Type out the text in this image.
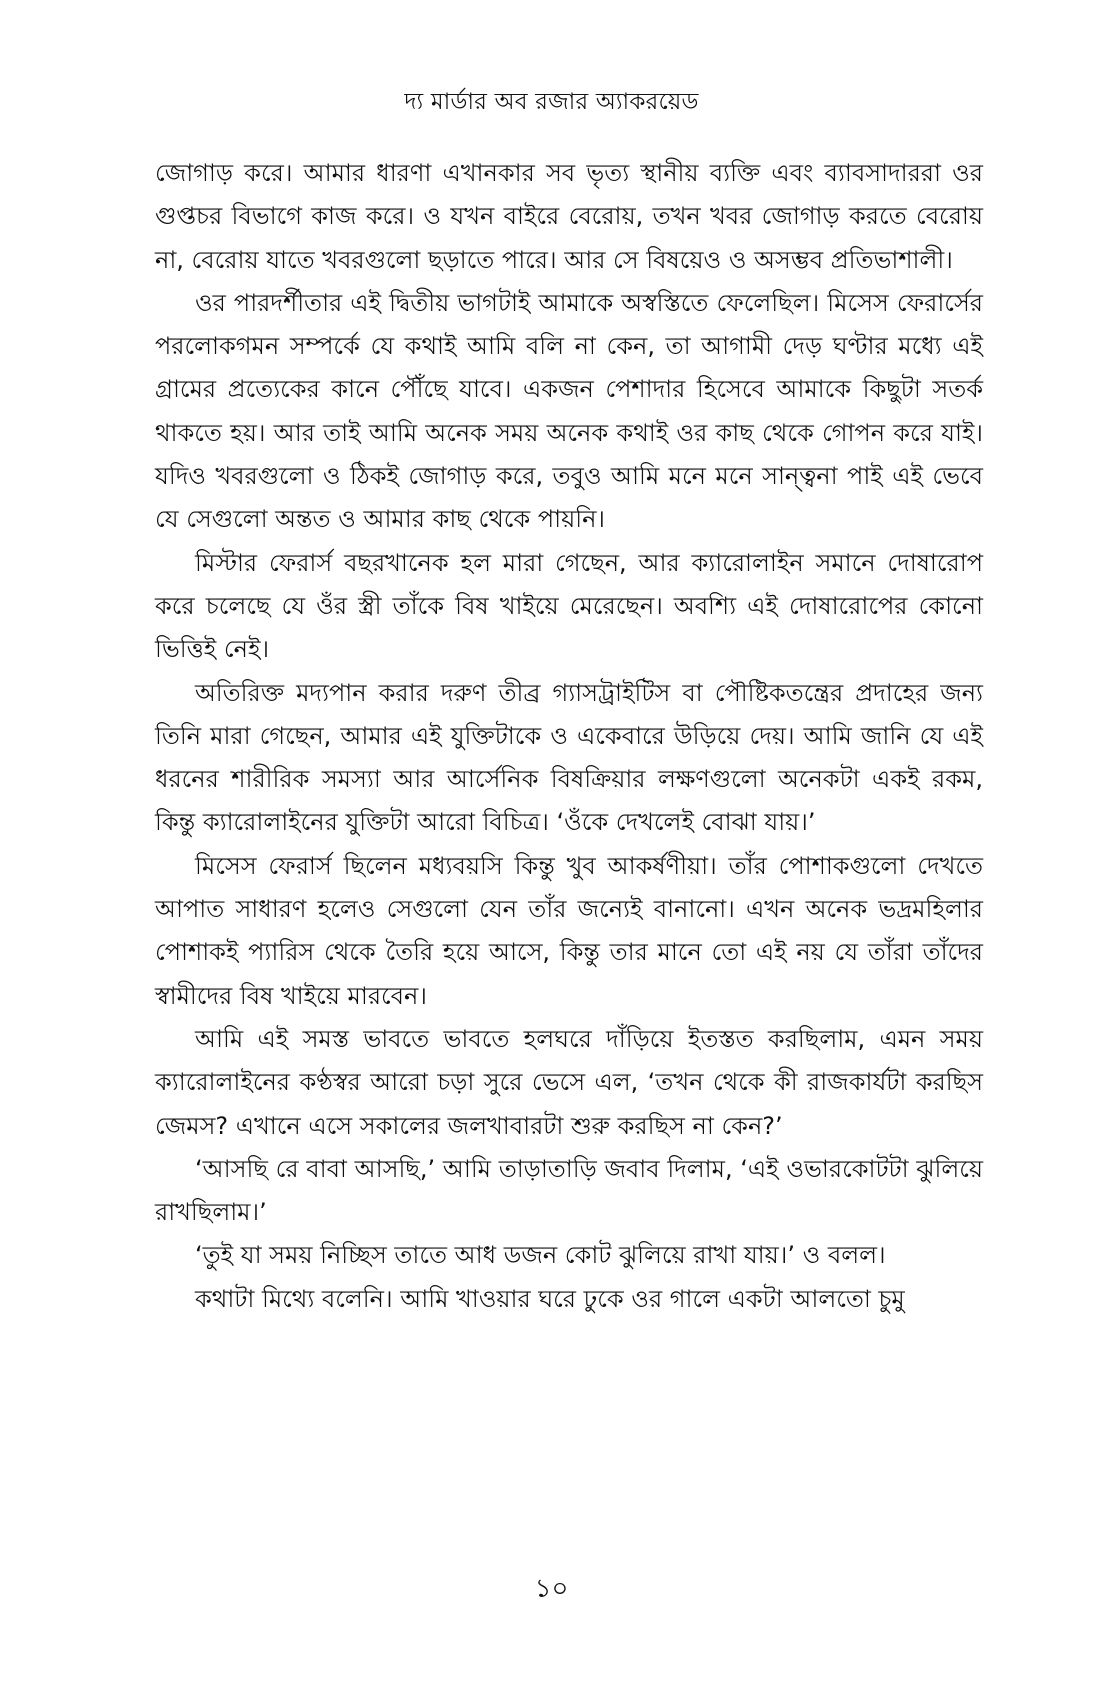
দ্য মার্ডার অব রজার অ্যাকরয়েড

জোগাড় করে। আমার ধারণা এখানকার সব ভৃত্য স্থানীয় ব্যক্তি এবং ব্যাবসাদাররা ওর গুপ্তচর বিভাগে কাজ করে। ও যখন বাইরে বেরোয়, তখন খবর জোগাড় করতে বেরোয় না, বেরোয় যাতে খবরগুলো ছড়াতে পারে। আর সে বিষয়েও ও অসম্ভব প্রতিভাশালী।

ওর পারদর্শীতার এই দ্বিতীয় ভাগটাই আমাকে অস্বস্তিতে ফেলেছিল। মিসেস ফেরার্সের পরলোকগমন সম্পর্কে যে কথাই আমি বলি না কেন, তা আগামী দেড় ঘণ্টার মধ্যে এই গ্রামের প্রত্যেকের কানে পৌঁছে যাবে। একজন পেশাদার হিসেবে আমাকে কিছুটা সতর্ক থাকতে হয়। আর তাই আমি অনেক সময় অনেক কথাই ওর কাছ থেকে গোপন করে যাই। যদিও খবরগুলো ও ঠিকই জোগাড় করে, তবুও আমি মনে মনে সান্ত্বনা পাই এই ভেবে যে সেগুলো অন্তত ও আমার কাছ থেকে পায়নি।

মিস্টার ফেরার্স বছরখানেক হল মারা গেছেন, আর ক্যারোলাইন সমানে দোষারোপ করে চলেছে যে ওঁর স্ত্রী তাঁকে বিষ খাইয়ে মেরেছেন। অবশ্যি এই দোষারোপের কোনো ভিত্তিই নেই।

অতিরিক্ত মদ্যপান করার দরুণ তীব্র গ্যাসট্রাইটিস বা পৌষ্টিকতন্ত্রের প্রদাহের জন্য তিনি মারা গেছেন, আমার এই যুক্তিটাকে ও একেবারে উড়িয়ে দেয়। আমি জানি যে এই ধরনের শারীরিক সমস্যা আর আর্সেনিক বিষক্রিয়ার লক্ষণগুলো অনেকটা একই রকম, কিন্তু ক্যারোলাইনের যুক্তিটা আরো বিচিত্র। ‘ওঁকে দেখলেই বোঝা যায়।’

মিসেস ফেরার্স ছিলেন মধ্যবয়সি কিন্তু খুব আকর্ষণীয়া। তাঁর পোশাকগুলো দেখতে আপাত সাধারণ হলেও সেগুলো যেন তাঁর জন্যেই বানানো। এখন অনেক ভদ্রমহিলার পোশাকই প্যারিস থেকে তৈরি হয়ে আসে, কিন্তু তার মানে তো এই নয় যে তাঁরা তাঁদের স্বামীদের বিষ খাইয়ে মারবেন।

আমি এই সমস্ত ভাবতে ভাবতে হলঘরে দাঁড়িয়ে ইতস্তত করছিলাম, এমন সময় ক্যারোলাইনের কণ্ঠস্বর আরো চড়া সুরে ভেসে এল, ‘তখন থেকে কী রাজকার্যটা করছিস জেমস? এখানে এসে সকালের জলখাবারটা শুরু করছিস না কেন?’

‘আসছি রে বাবা আসছি,’ আমি তাড়াতাড়ি জবাব দিলাম, ‘এই ওভারকোটটা ঝুলিয়ে রাখছিলাম।’

‘তুই যা সময় নিচ্ছিস তাতে আধ ডজন কোট ঝুলিয়ে রাখা যায়।’ ও বলল।

কথাটা মিথ্যে বলেনি। আমি খাওয়ার ঘরে ঢুকে ওর গালে একটা আলতো চুমু

১০
